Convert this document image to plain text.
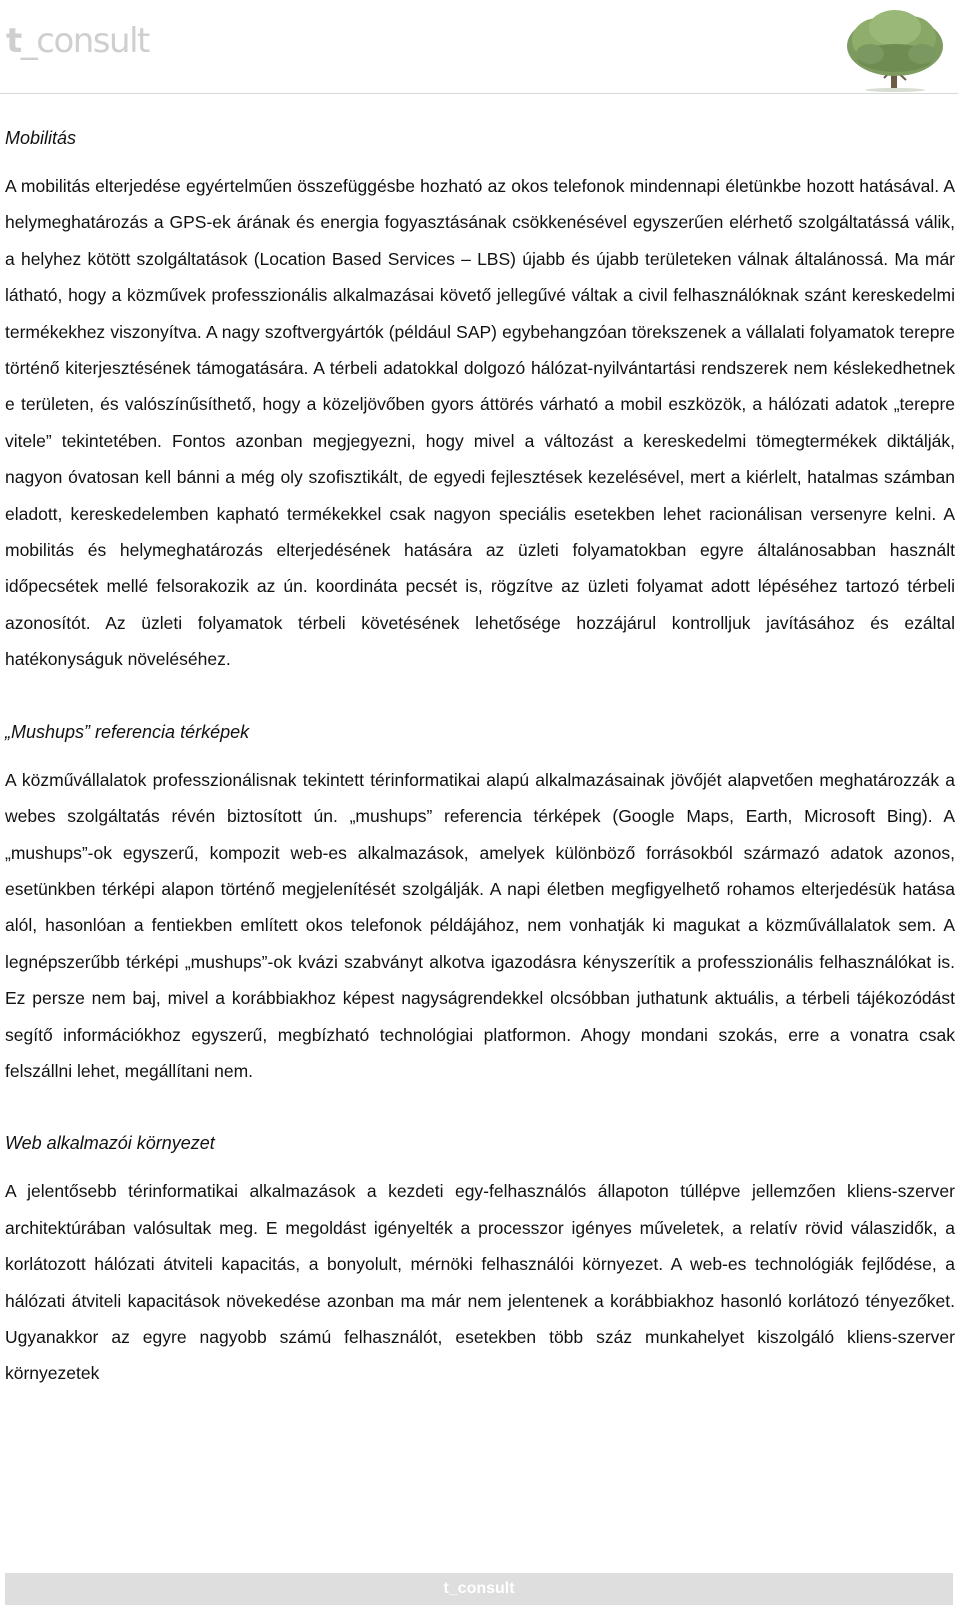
t_consult
Mobilitás

A mobilitás elterjedése egyértelműen összefüggésbe hozható az okos telefonok mindennapi életünkbe hozott hatásával. A helymeghatározás a GPS-ek árának és energia fogyasztásának csökkenésével egyszerűen elérhető szolgáltatássá válik, a helyhez kötött szolgáltatások (Location Based Services – LBS) újabb és újabb területeken válnak általánossá. Ma már látható, hogy a közművek professzionális alkalmazásai követő jellegűvé váltak a civil felhasználóknak szánt kereskedelmi termékekhez viszonyítva. A nagy szoftvergyártók (például SAP) egybehangzóan törekszenek a vállalati folyamatok terepre történő kiterjesztésének támogatására. A térbeli adatokkal dolgozó hálózat-nyilvántartási rendszerek nem késlekedhetnek e területen, és valószínűsíthető, hogy a közeljövőben gyors áttörés várható a mobil eszközök, a hálózati adatok „terepre vitele” tekintetében. Fontos azonban megjegyezni, hogy mivel a változást a kereskedelmi tömegtermékek diktálják, nagyon óvatosan kell bánni a még oly szofisztikált, de egyedi fejlesztések kezelésével, mert a kiérlelt, hatalmas számban eladott, kereskedelemben kapható termékekkel csak nagyon speciális esetekben lehet racionálisan versenyre kelni. A mobilitás és helymeghatározás elterjedésének hatására az üzleti folyamatokban egyre általánosabban használt időpecsétek mellé felsorakozik az ún. koordináta pecsét is, rögzítve az üzleti folyamat adott lépéséhez tartozó térbeli azonosítót. Az üzleti folyamatok térbeli követésének lehetősége hozzájárul kontrolljuk javításához és ezáltal hatékonyságuk növeléséhez.

„Mushups” referencia térképek

A közművállalatok professzionálisnak tekintett térinformatikai alapú alkalmazásainak jövőjét alapvetően meghatározzák a webes szolgáltatás révén biztosított ún. „mushups” referencia térképek (Google Maps, Earth, Microsoft Bing). A „mushups”-ok egyszerű, kompozit web-es alkalmazások, amelyek különböző forrásokból származó adatok azonos, esetünkben térképi alapon történő megjelenítését szolgálják. A napi életben megfigyelhető rohamos elterjedésük hatása alól, hasonlóan a fentiekben említett okos telefonok példájához, nem vonhatják ki magukat a közművállalatok sem. A legnépszerűbb térképi „mushups”-ok kvázi szabványt alkotva igazodásra kényszerítik a professzionális felhasználókat is. Ez persze nem baj, mivel a korábbiakhoz képest nagyságrendekkel olcsóbban juthatunk aktuális, a térbeli tájékozódást segítő információkhoz egyszerű, megbízható technológiai platformon. Ahogy mondani szokás, erre a vonatra csak felszállni lehet, megállítani nem.

Web alkalmazói környezet

A jelentősebb térinformatikai alkalmazások a kezdeti egy-felhasználós állapoton túllépve jellemzően kliens-szerver architektúrában valósultak meg. E megoldást igényelték a processzor igényes műveletek, a relatív rövid válaszidők, a korlátozott hálózati átviteli kapacitás, a bonyolult, mérnöki felhasználói környezet. A web-es technológiák fejlődése, a hálózati átviteli kapacitások növekedése azonban ma már nem jelentenek a korábbiakhoz hasonló korlátozó tényezőket. Ugyanakkor az egyre nagyobb számú felhasználót, esetekben több száz munkahelyet kiszolgáló kliens-szerver környezetek

t_consult
